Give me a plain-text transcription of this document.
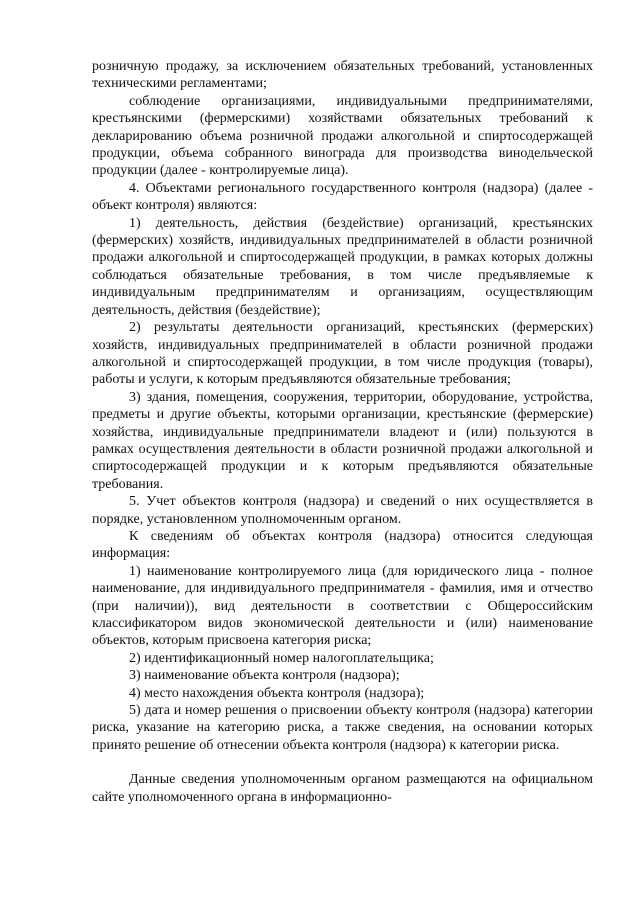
розничную продажу, за исключением обязательных требований, установленных техническими регламентами;

соблюдение организациями, индивидуальными предпринимателями, крестьянскими (фермерскими) хозяйствами обязательных требований к декларированию объема розничной продажи алкогольной и спиртосодержащей продукции, объема собранного винограда для производства винодельческой продукции (далее - контролируемые лица).

4. Объектами регионального государственного контроля (надзора) (далее - объект контроля) являются:

1) деятельность, действия (бездействие) организаций, крестьянских (фермерских) хозяйств, индивидуальных предпринимателей в области розничной продажи алкогольной и спиртосодержащей продукции, в рамках которых должны соблюдаться обязательные требования, в том числе предъявляемые к индивидуальным предпринимателям и организациям, осуществляющим деятельность, действия (бездействие);

2) результаты деятельности организаций, крестьянских (фермерских) хозяйств, индивидуальных предпринимателей в области розничной продажи алкогольной и спиртосодержащей продукции, в том числе продукция (товары), работы и услуги, к которым предъявляются обязательные требования;

3) здания, помещения, сооружения, территории, оборудование, устройства, предметы и другие объекты, которыми организации, крестьянские (фермерские) хозяйства, индивидуальные предприниматели владеют и (или) пользуются в рамках осуществления деятельности в области розничной продажи алкогольной и спиртосодержащей продукции и к которым предъявляются обязательные требования.

5. Учет объектов контроля (надзора) и сведений о них осуществляется в порядке, установленном уполномоченным органом.

К сведениям об объектах контроля (надзора) относится следующая информация:

1) наименование контролируемого лица (для юридического лица - полное наименование, для индивидуального предпринимателя - фамилия, имя и отчество (при наличии)), вид деятельности в соответствии с Общероссийским классификатором видов экономической деятельности и (или) наименование объектов, которым присвоена категория риска;

2) идентификационный номер налогоплательщика;

3) наименование объекта контроля (надзора);

4) место нахождения объекта контроля (надзора);

5) дата и номер решения о присвоении объекту контроля (надзора) категории риска, указание на категорию риска, а также сведения, на основании которых принято решение об отнесении объекта контроля (надзора) к категории риска.

Данные сведения уполномоченным органом размещаются на официальном сайте уполномоченного органа в информационно-
